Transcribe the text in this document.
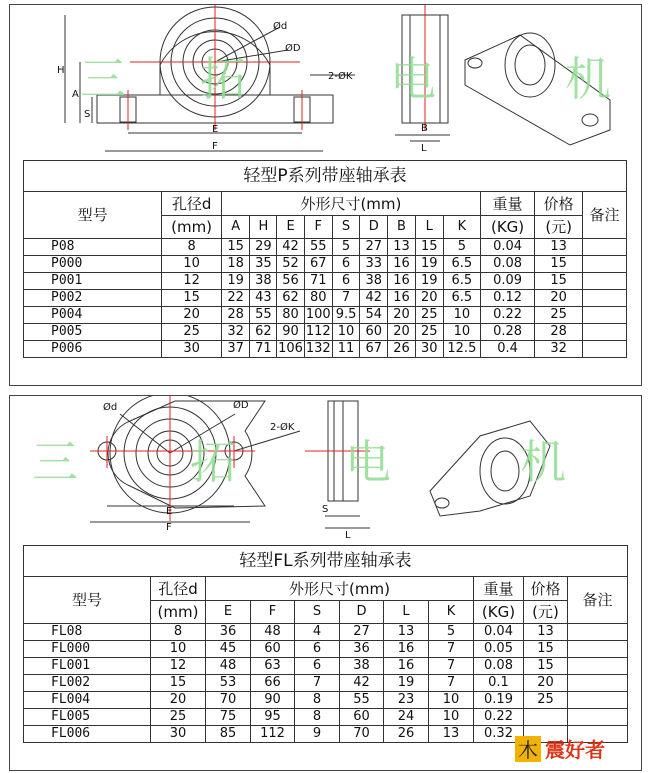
H
A
S
E
F
Ød
ØD
2-ØK
B
L
三 拓	电	机
轻型P系列带座轴承表													
型号	孔径d	外形尺寸(mm)									重量	价格	备注
	(mm)	A	H	E	F	S	D	B	L	K	(KG)	(元)	
P08	8	15	29	42	55	5	27	13	15	5	0.04	13	
P000	10	18	35	52	67	6	33	16	19	6.5	0.08	15	
P001	12	19	38	56	71	6	38	16	19	6.5	0.09	15	
P002	15	22	43	62	80	7	42	16	20	6.5	0.12	20	
P004	20	28	55	80	100	9.5	54	20	25	10	0.22	25	
P005	25	32	62	90	112	10	60	20	25	10	0.28	28	
P006	30	37	71	106	132	11	67	26	30	12.5	0.4	32	
Ød	ØD
2-ØK
E
F
S
L
三 拓 电	机
轻型FL系列带座轴承表										
型号	孔径d	外形尺寸(mm)						重量	价格	备注
	(mm)	E	F	S	D	L	K	(KG)	(元)	
FL08	8	36	48	4	27	13	5	0.04	13	
FL000	10	45	60	6	36	16	7	0.05	15	
FL001	12	48	63	6	38	16	7	0.08	15	
FL002	15	53	66	7	42	19	7	0.1	20	
FL004	20	70	90	8	55	23	10	0.19	25	
FL005	25	75	95	8	60	24	10	0.22		
FL006	30	85	112	9	70	26	13	0.32		
木 震好者
